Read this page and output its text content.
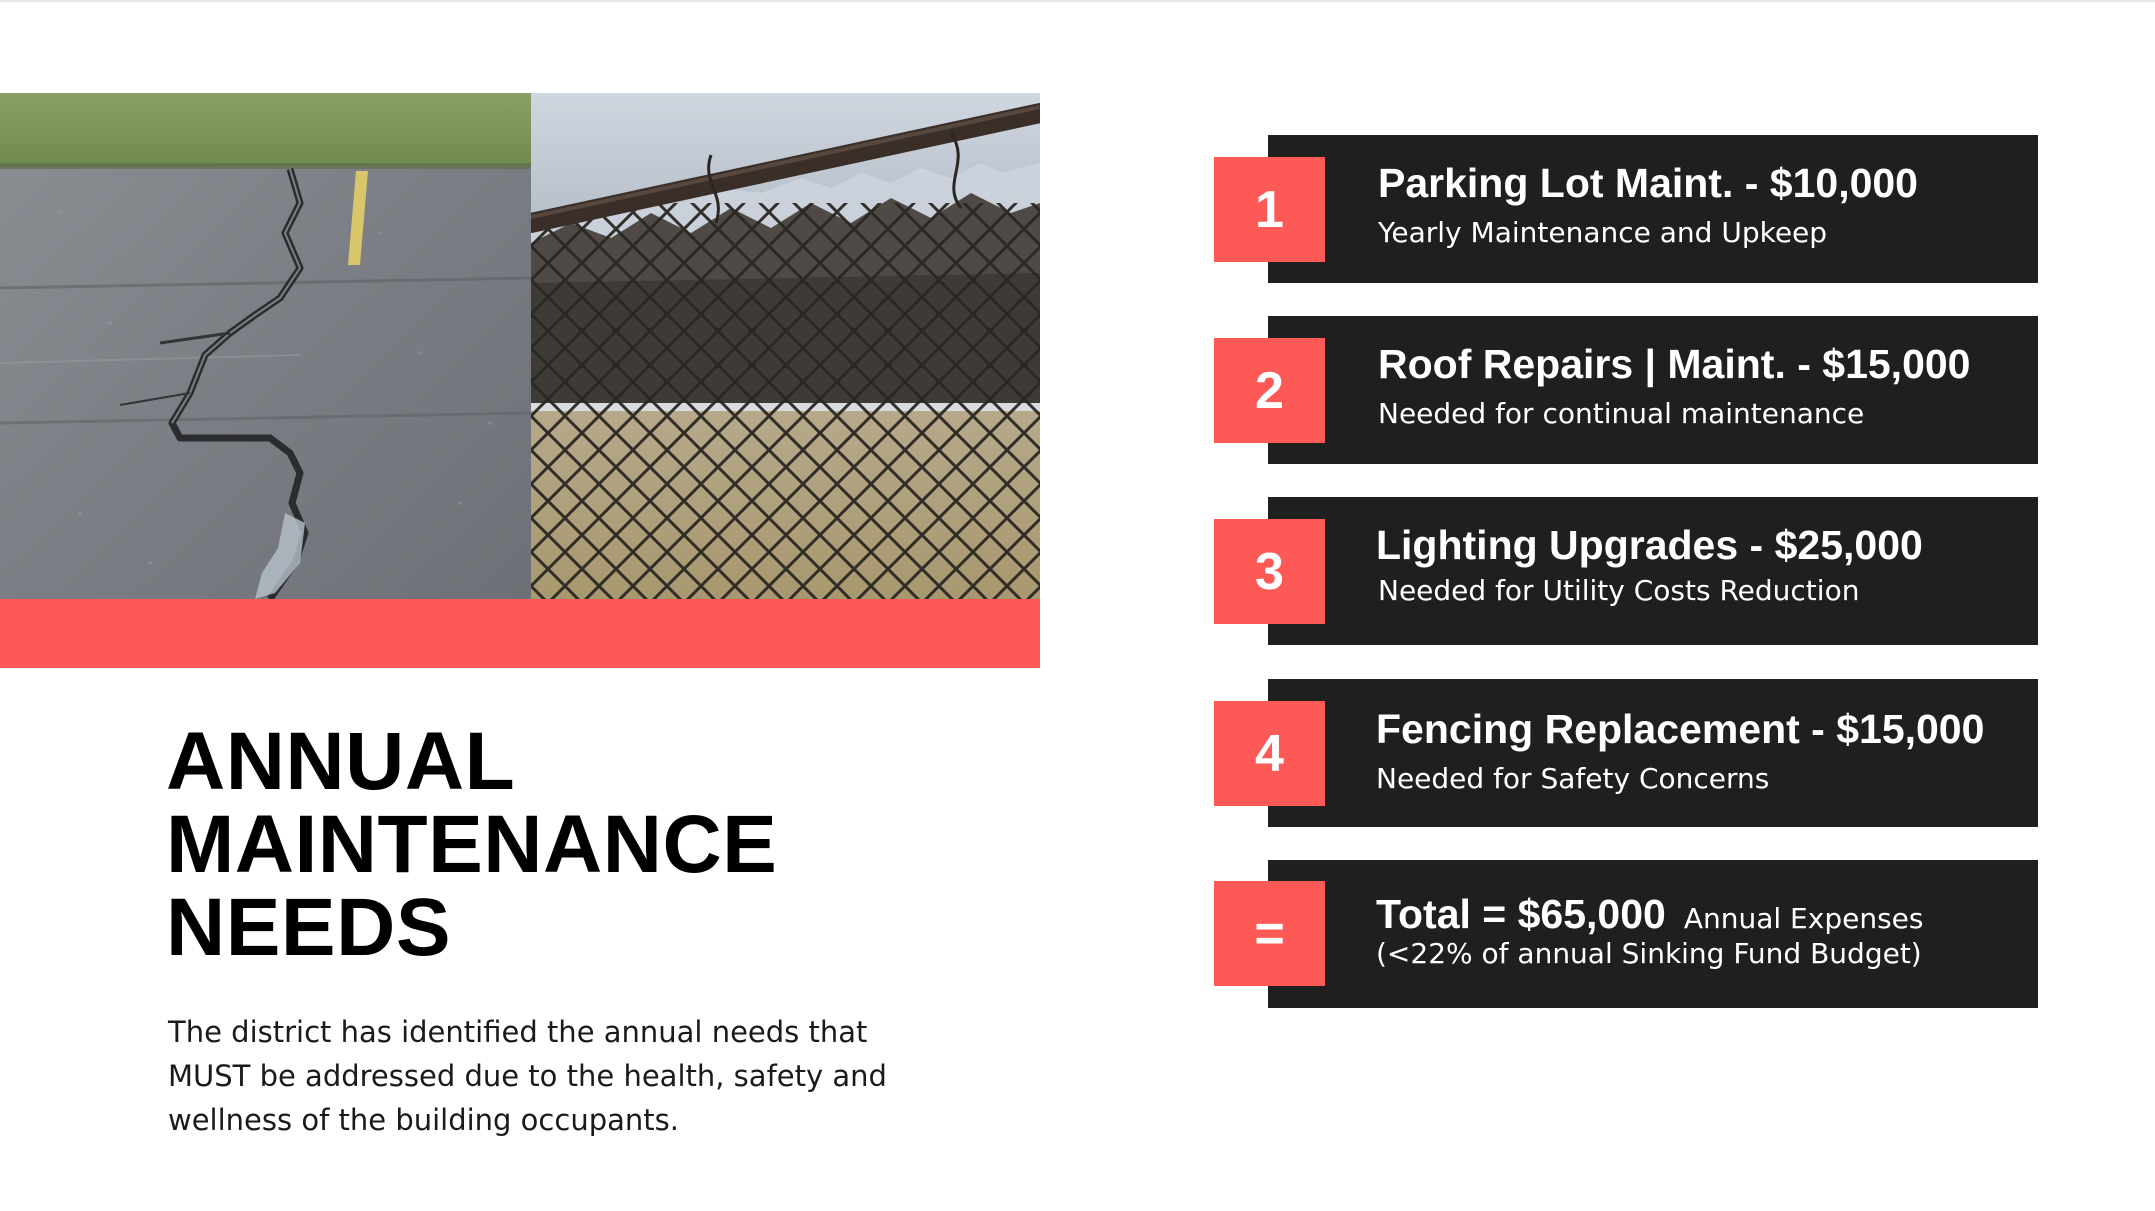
ANNUAL
MAINTENANCE
NEEDS

The district has identified the annual needs that MUST be addressed due to the health, safety and wellness of the building occupants.

Parking Lot Maint. - $10,000
Yearly Maintenance and Upkeep
1
Roof Repairs | Maint. - $15,000
Needed for continual maintenance
2
Lighting Upgrades - $25,000
Needed for Utility Costs Reduction
3
Fencing Replacement - $15,000
Needed for Safety Concerns
4
Total = $65,000 Annual Expenses
(<22% of annual Sinking Fund Budget)
=
